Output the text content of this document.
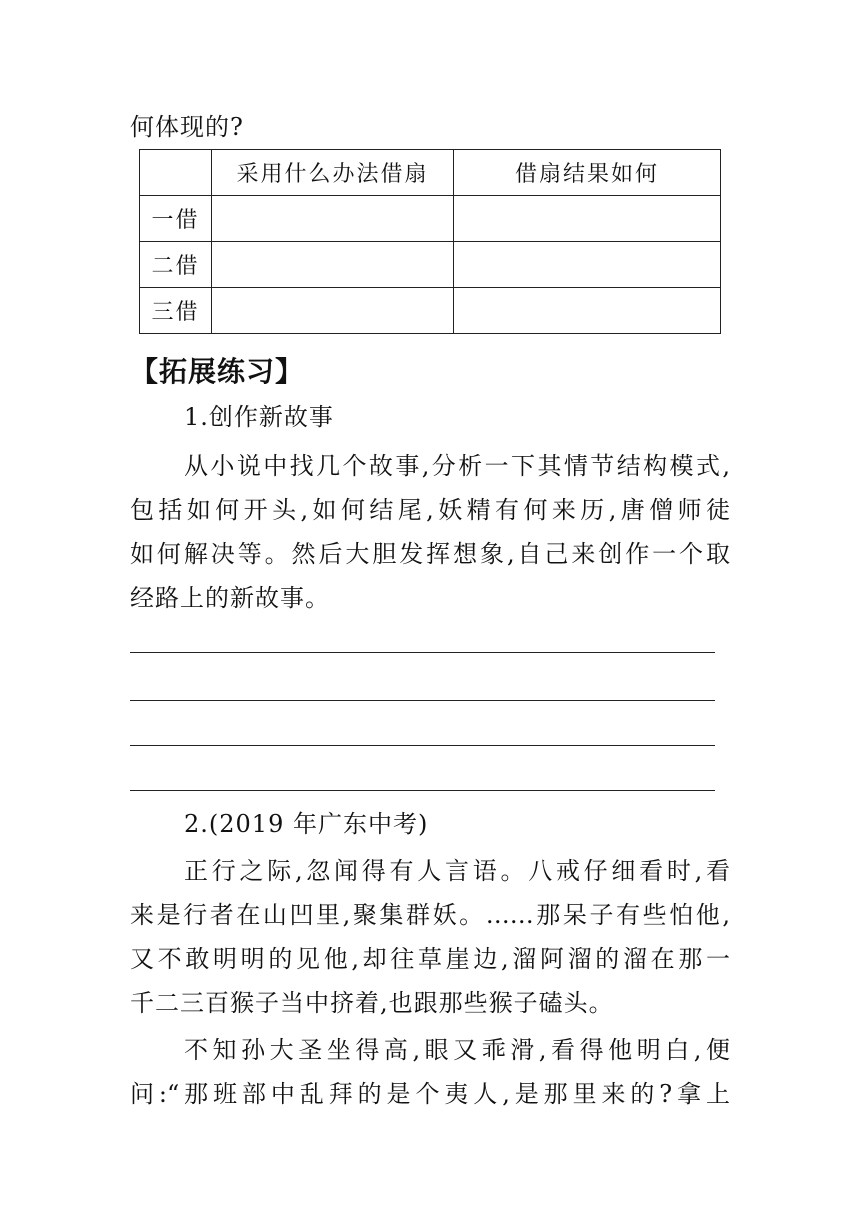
何体现的?
	采用什么办法借扇	借扇结果如何
一借		
二借		
三借		
【拓展练习】
1.创作新故事
从小说中找几个故事,分析一下其情节结构模式,
包括如何开头,如何结尾,妖精有何来历,唐僧师徒
如何解决等。然后大胆发挥想象,自己来创作一个取
经路上的新故事。
2.(2019 年广东中考)
正行之际,忽闻得有人言语。八戒仔细看时,看
来是行者在山凹里,聚集群妖。……那呆子有些怕他,
又不敢明明的见他,却往草崖边,溜阿溜的溜在那一
千二三百猴子当中挤着,也跟那些猴子磕头。
不知孙大圣坐得高,眼又乖滑,看得他明白,便
问:“那班部中乱拜的是个夷人,是那里来的?拿上
